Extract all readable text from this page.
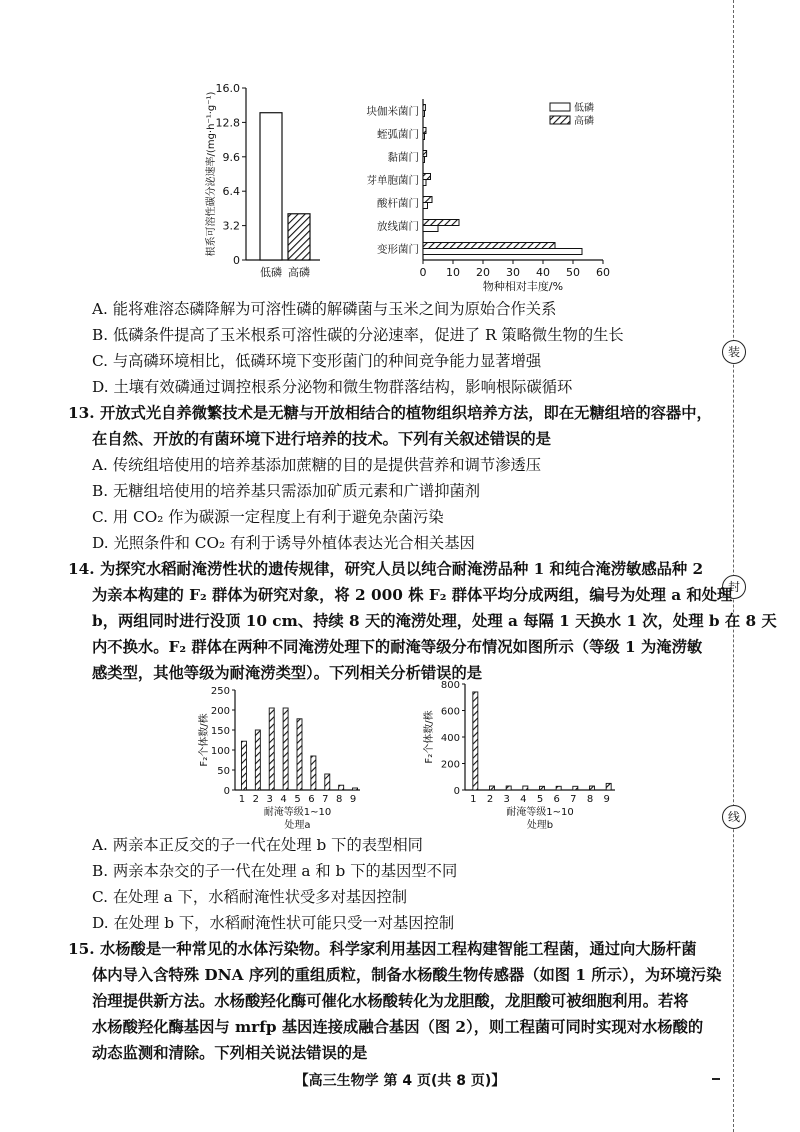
装
封
线
根系可溶性碳分泌速率/(mg·h⁻¹·g⁻¹)
0
3.2
6.4
9.6
12.8
16.0
低磷 高磷	0 10 20 30 40 50 60
物种相对丰度/%
变形菌门
放线菌门
酸杆菌门
芽单胞菌门
黏菌门
蛭弧菌门
块伽米菌门	低磷
高磷
A. 能将难溶态磷降解为可溶性磷的解磷菌与玉米之间为原始合作关系
B. 低磷条件提高了玉米根系可溶性碳的分泌速率，促进了 R 策略微生物的生长
C. 与高磷环境相比，低磷环境下变形菌门的种间竞争能力显著增强
D. 土壤有效磷通过调控根系分泌物和微生物群落结构，影响根际碳循环
13. 开放式光自养微繁技术是无糖与开放相结合的植物组织培养方法，即在无糖组培的容器中，
在自然、开放的有菌环境下进行培养的技术。下列有关叙述错误的是
A. 传统组培使用的培养基添加蔗糖的目的是提供营养和调节渗透压
B. 无糖组培使用的培养基只需添加矿质元素和广谱抑菌剂
C. 用 CO₂ 作为碳源一定程度上有利于避免杂菌污染
D. 光照条件和 CO₂ 有利于诱导外植体表达光合相关基因
14. 为探究水稻耐淹涝性状的遗传规律，研究人员以纯合耐淹涝品种 1 和纯合淹涝敏感品种 2
为亲本构建的 F₂ 群体为研究对象，将 2 000 株 F₂ 群体平均分成两组，编号为处理 a 和处理
b，两组同时进行没顶 10 cm、持续 8 天的淹涝处理，处理 a 每隔 1 天换水 1 次，处理 b 在 8 天
内不换水。F₂ 群体在两种不同淹涝处理下的耐淹等级分布情况如图所示（等级 1 为淹涝敏
感类型，其他等级为耐淹涝类型）。下列相关分析错误的是
F₂个体数/株
0
50
100
150
200
250
1 2 3 4 5 6 7 8 9
耐淹等级1~10
处理a
F₂个体数/株
0
200
400
600
800
1 2 3 4 5 6 7 8 9
耐淹等级1~10
处理b
A. 两亲本正反交的子一代在处理 b 下的表型相同
B. 两亲本杂交的子一代在处理 a 和 b 下的基因型不同
C. 在处理 a 下，水稻耐淹性状受多对基因控制
D. 在处理 b 下，水稻耐淹性状可能只受一对基因控制
15. 水杨酸是一种常见的水体污染物。科学家利用基因工程构建智能工程菌，通过向大肠杆菌
体内导入含特殊 DNA 序列的重组质粒，制备水杨酸生物传感器（如图 1 所示），为环境污染
治理提供新方法。水杨酸羟化酶可催化水杨酸转化为龙胆酸，龙胆酸可被细胞利用。若将
水杨酸羟化酶基因与 mrfp 基因连接成融合基因（图 2），则工程菌可同时实现对水杨酸的
动态监测和清除。下列相关说法错误的是
【高三生物学 第 4 页(共 8 页)】
